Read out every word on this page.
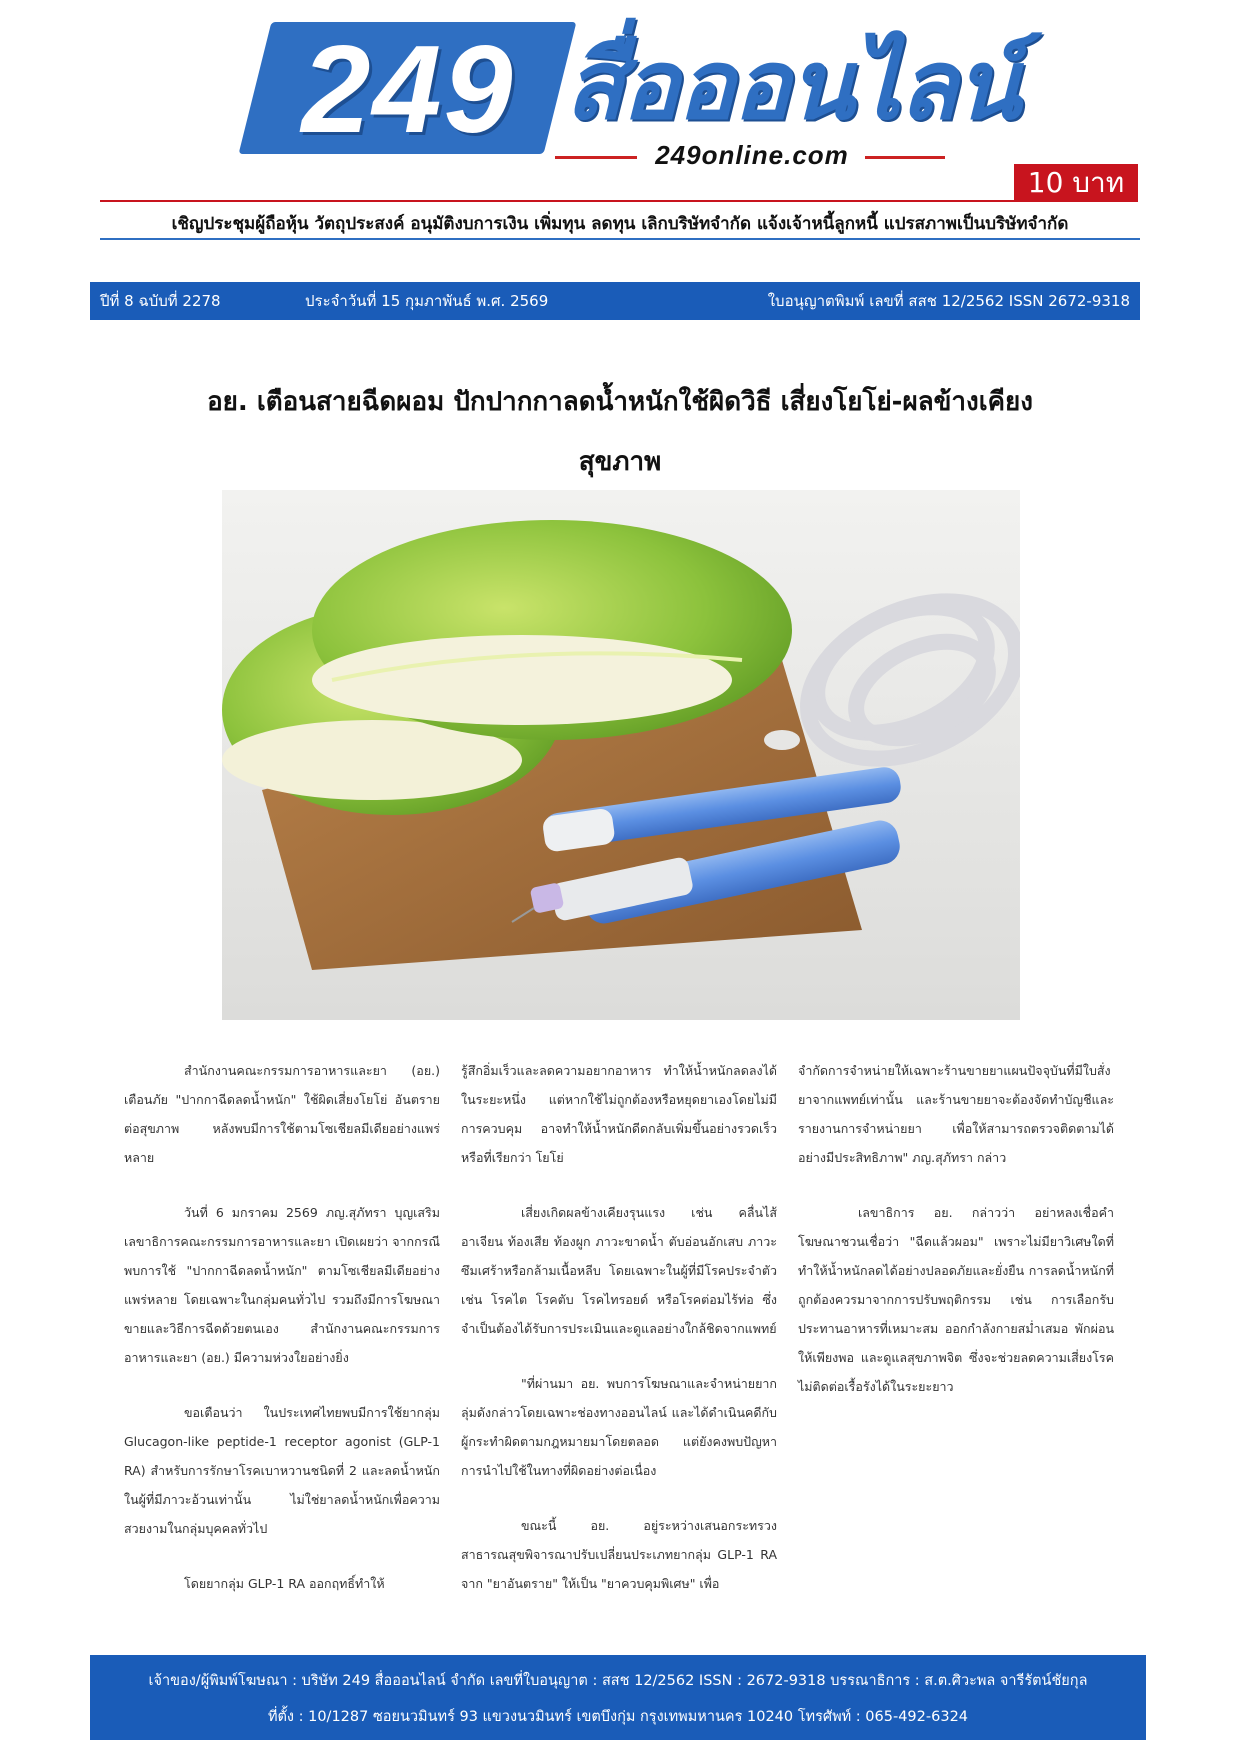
249 สื่อออนไลน์
249online.com
10 บาท
เชิญประชุมผู้ถือหุ้น วัตถุประสงค์ อนุมัติงบการเงิน เพิ่มทุน ลดทุน เลิกบริษัทจำกัด แจ้งเจ้าหนี้ลูกหนี้ แปรสภาพเป็นบริษัทจำกัด
ปีที่ 8 ฉบับที่ 2278	ประจำวันที่ 15 กุมภาพันธ์ พ.ศ. 2569	ใบอนุญาตพิมพ์ เลขที่ สสช 12/2562 ISSN 2672-9318
อย. เตือนสายฉีดผอม ปักปากกาลดน้ำหนักใช้ผิดวิธี เสี่ยงโยโย่-ผลข้างเคียง
สุขภาพ

สำนักงานคณะกรรมการอาหารและยา (อย.) เตือนภัย "ปากกาฉีดลดน้ำหนัก" ใช้ผิดเสี่ยงโยโย่ อันตรายต่อสุขภาพ หลังพบมีการใช้ตามโซเชียลมีเดียอย่างแพร่หลาย

วันที่ 6 มกราคม 2569 ภญ.สุภัทรา บุญเสริม เลขาธิการคณะกรรมการอาหารและยา เปิดเผยว่า จากกรณีพบการใช้ "ปากกาฉีดลดน้ำหนัก" ตามโซเชียลมีเดียอย่างแพร่หลาย โดยเฉพาะในกลุ่มคนทั่วไป รวมถึงมีการโฆษณาขายและวิธีการฉีดด้วยตนเอง สำนักงานคณะกรรมการอาหารและยา (อย.) มีความห่วงใยอย่างยิ่ง

ขอเตือนว่า ในประเทศไทยพบมีการใช้ยากลุ่ม Glucagon-like peptide-1 receptor agonist (GLP-1 RA) สำหรับการรักษาโรคเบาหวานชนิดที่ 2 และลดน้ำหนักในผู้ที่มีภาวะอ้วนเท่านั้น ไม่ใช่ยาลดน้ำหนักเพื่อความสวยงามในกลุ่มบุคคลทั่วไป

โดยยากลุ่ม GLP-1 RA ออกฤทธิ์ทำให้

รู้สึกอิ่มเร็วและลดความอยากอาหาร ทำให้น้ำหนักลดลงได้ในระยะหนึ่ง แต่หากใช้ไม่ถูกต้องหรือหยุดยาเองโดยไม่มีการควบคุม อาจทำให้น้ำหนักดีดกลับเพิ่มขึ้นอย่างรวดเร็ว หรือที่เรียกว่า โยโย่

เสี่ยงเกิดผลข้างเคียงรุนแรง เช่น คลื่นไส้ อาเจียน ท้องเสีย ท้องผูก ภาวะขาดน้ำ ตับอ่อนอักเสบ ภาวะซึมเศร้าหรือกล้ามเนื้อหลีบ โดยเฉพาะในผู้ที่มีโรคประจำตัว เช่น โรคไต โรคตับ โรคไทรอยด์ หรือโรคต่อมไร้ท่อ ซึ่งจำเป็นต้องได้รับการประเมินและดูแลอย่างใกล้ชิดจากแพทย์

"ที่ผ่านมา อย. พบการโฆษณาและจำหน่ายยากลุ่มดังกล่าวโดยเฉพาะช่องทางออนไลน์ และได้ดำเนินคดีกับผู้กระทำผิดตามกฎหมายมาโดยตลอด แต่ยังคงพบปัญหาการนำไปใช้ในทางที่ผิดอย่างต่อเนื่อง

ขณะนี้ อย. อยู่ระหว่างเสนอกระทรวงสาธารณสุขพิจารณาปรับเปลี่ยนประเภทยากลุ่ม GLP-1 RA จาก "ยาอันตราย" ให้เป็น "ยาควบคุมพิเศษ" เพื่อ

จำกัดการจำหน่ายให้เฉพาะร้านขายยาแผนปัจจุบันที่มีใบสั่งยาจากแพทย์เท่านั้น และร้านขายยาจะต้องจัดทำบัญชีและรายงานการจำหน่ายยา เพื่อให้สามารถตรวจติดตามได้อย่างมีประสิทธิภาพ" ภญ.สุภัทรา กล่าว

เลขาธิการ อย. กล่าวว่า อย่าหลงเชื่อคำโฆษณาชวนเชื่อว่า "ฉีดแล้วผอม" เพราะไม่มียาวิเศษใดที่ทำให้น้ำหนักลดได้อย่างปลอดภัยและยั่งยืน การลดน้ำหนักที่ถูกต้องควรมาจากการปรับพฤติกรรม เช่น การเลือกรับประทานอาหารที่เหมาะสม ออกกำลังกายสม่ำเสมอ พักผ่อนให้เพียงพอ และดูแลสุขภาพจิต ซึ่งจะช่วยลดความเสี่ยงโรคไม่ติดต่อเรื้อรังได้ในระยะยาว

เจ้าของ/ผู้พิมพ์โฆษณา : บริษัท 249 สื่อออนไลน์ จำกัด เลขที่ใบอนุญาต : สสช 12/2562 ISSN : 2672-9318 บรรณาธิการ : ส.ต.ศิวะพล จารีรัตน์ชัยกุล
ที่ตั้ง : 10/1287 ซอยนวมินทร์ 93 แขวงนวมินทร์ เขตบึงกุ่ม กรุงเทพมหานคร 10240 โทรศัพท์ : 065-492-6324
